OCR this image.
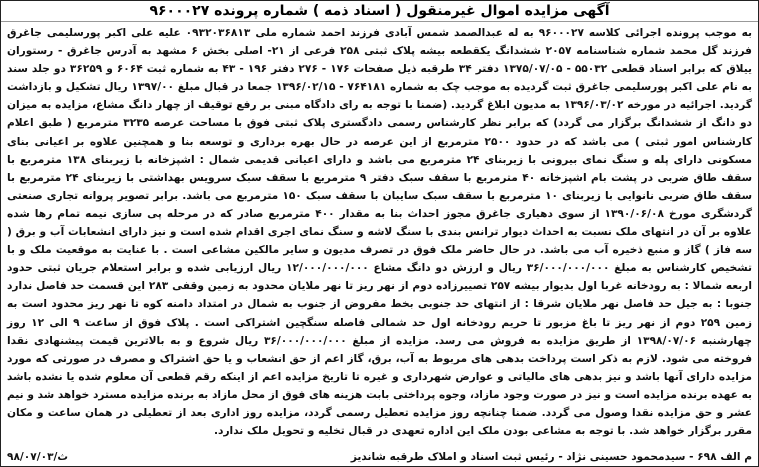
آگهی مزایده اموال غیرمنقول ( اسناد ذمه ) شماره پرونده ۹۶۰۰۰۲۷
به موجب پرونده اجرائی کلاسه ۹۶۰۰۰۲۷ به له عبدالصمد شمس آبادی فرزند احمد شماره ملی ۰۹۳۲۰۳۶۸۱۳ علیه علی اکبر پورسلیمی جاغرق فرزند گل محمد شماره شناسنامه ۲۰۵۷ ششدانگ یکقطعه بیشه پلاک ثبتی ۲۵۸ فرعی از ۲۱- اصلی بخش ۶ مشهد به آدرس جاغرق - رستوران ییلاق که برابر اسناد قطعی ۵۵۰۳۲ - ۱۳۷۵/۰۷/۰۵ دفتر ۳۴ طرقبه ذیل صفحات ۱۷۶ - ۲۷۶ دفتر ۱۹۶ - ۴۳ به شماره ثبت ۶۰۶۴ و ۳۶۲۵۹ دو جلد سند به نام علی اکبر پورسلیمی جاغرق ثبت گردیده به موجب چک به شماره ۷۶۴۱۸۱ - ۱۳۹۶/۰۲/۱۵ جمعا در قبال مبلغ ۱۳۹۷/۰۰ ریال تشکیل و بازداشت گردید. اجرائیه در مورخه ۱۳۹۶/۰۳/۰۲ به مدیون ابلاغ گردید. (ضمنا با توجه به رای دادگاه مبنی بر رفع توقیف از چهار دانگ مشاع، مزایده به میزان دو دانگ از ششدانگ برگزار می گردد) که برابر نظر کارشناس رسمی دادگستری پلاک ثبتی فوق با مساحت عرصه ۳۲۳۵ مترمربع ( طبق اعلام کارشناس امور ثبتی ) می باشد که در حدود ۲۵۰۰ مترمربع از این عرصه در حال بهره برداری و توسعه بنا و همچنین علاوه بر اعیانی بنای مسکونی دارای پله و سنگ نمای بیرونی با زیربنای ۲۴ مترمربع می باشد و دارای اعیانی قدیمی شمال : اشپزخانه با زیربنای ۱۳۸ مترمربع با سقف طاق ضربی در پشت بام اشپزخانه ۴۰ مترمربع با سقف سبک دفتر ۹ مترمربع با سقف سبک سرویس بهداشتی با زیربنای ۲۴ مترمربع با سقف طاق ضربی نانوایی با زیربنای ۱۰ مترمربع با سقف سبک سایبان با سقف سبک ۱۵۰ مترمربع می باشد. برابر تصویر پروانه تجاری صنعتی گردشگری مورخ ۱۳۹۰/۰۶/۰۸ از سوی دهیاری جاغرق مجوز احداث بنا به مقدار ۴۰۰ مترمربع صادر که در مرحله پی سازی نیمه تمام رها شده علاوه بر آن در انتهای ملک نسبت به احداث دیوار ترانس بندی با سنگ لاشه و سنگ نمای اجری اقدام شده است و نیز دارای انشعابات آب و برق ( سه فاز ) گاز و منبع ذخیره آب می باشد. در حال حاضر ملک فوق در تصرف مدیون و سایر مالکین مشاعی است . با عنایت به موقعیت ملک و با تشخیص کارشناس به مبلغ ۳۶/۰۰۰/۰۰۰/۰۰۰ ریال و ارزش دو دانگ مشاع ۱۲/۰۰۰/۰۰۰/۰۰۰ ریال ارزیابی شده و برابر استعلام جریان ثبتی حدود اربعه شمالا : به رودخانه غربا اول بدیوار بیشه ۲۵۷ تصییرزاده دوم از نهر ریز تا نهر ملایان محدود به زمین وقفی ۲۸۳ این قسمت حد فاصل ندارد جنوبا : به جیل حد فاصل نهر ملایان شرقا : از انتهای حد جنوبی بخط مفروض از جنوب به شمال در امتداد دامنه کوه تا نهر ریز محدود است به زمین ۲۵۹ دوم از نهر ریز تا باغ مزبور تا حریم رودخانه اول حد شمالی فاصله سنگچین اشتراکی است . پلاک فوق از ساعت ۹ الی ۱۲ روز چهارشنبه ۱۳۹۸/۰۷/۰۶ از طریق مزایده به فروش می رسد. مزایده از مبلغ ۳۶/۰۰۰/۰۰۰/۰۰۰ ریال شروع و به بالاترین قیمت پیشنهادی نقدا فروخته می شود. لازم به ذکر است پرداخت بدهی های مربوط به آب، برق، گاز اعم از حق انشعاب و یا حق اشتراک و مصرف در صورتی که مورد مزایده دارای آنها باشد و نیز بدهی های مالیاتی و عوارض شهرداری و غیره تا تاریخ مزایده اعم از اینکه رقم قطعی آن معلوم شده یا نشده باشد به عهده برنده مزایده است و نیز در صورت وجود مازاد، وجوه پرداختی بابت هزینه های فوق از محل مازاد به برنده مزایده مسترد خواهد شد و نیم عشر و حق مزایده نقدا وصول می گردد. ضمنا چنانچه روز مزایده تعطیل رسمی گردد، مزایده روز اداری بعد از تعطیلی در همان ساعت و مکان مقرر برگزار خواهد شد. با توجه به مشاعی بودن ملک این اداره تعهدی در قبال تخلیه و تحویل ملک ندارد.
م الف ۶۹۸ - سیدمحمود حسینی نژاد - رئیس ثبت اسناد و املاک طرقبه شاندیز
۹۸/۰۷/۰۳/ث
